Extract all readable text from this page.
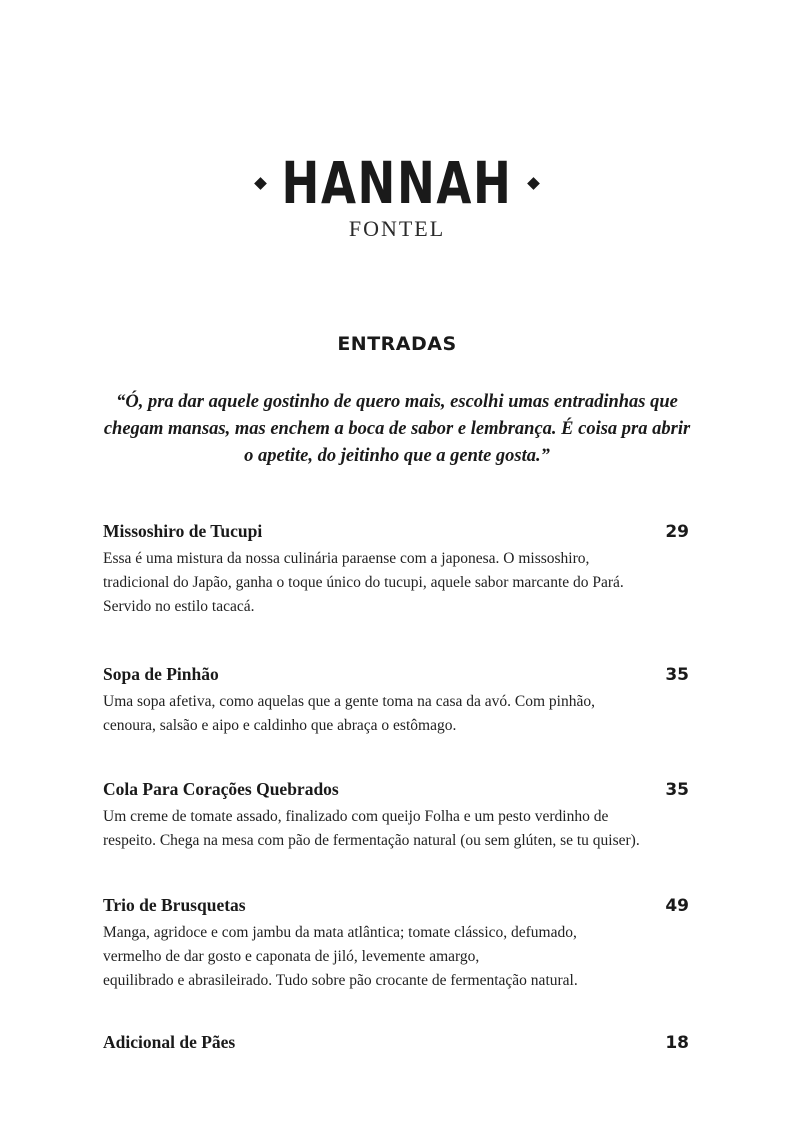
HANNAH
FONTEL
ENTRADAS
“Ó, pra dar aquele gostinho de quero mais, escolhi umas entradinhas que
chegam mansas, mas enchem a boca de sabor e lembrança. É coisa pra abrir
o apetite, do jeitinho que a gente gosta.”
Missoshiro de Tucupi	29
Essa é uma mistura da nossa culinária paraense com a japonesa. O missoshiro,
tradicional do Japão, ganha o toque único do tucupi, aquele sabor marcante do Pará.
Servido no estilo tacacá.
Sopa de Pinhão	35
Uma sopa afetiva, como aquelas que a gente toma na casa da avó. Com pinhão,
cenoura, salsão e aipo e caldinho que abraça o estômago.
Cola Para Corações Quebrados	35
Um creme de tomate assado, finalizado com queijo Folha e um pesto verdinho de
respeito. Chega na mesa com pão de fermentação natural (ou sem glúten, se tu quiser).
Trio de Brusquetas	49
Manga, agridoce e com jambu da mata atlântica; tomate clássico, defumado,
vermelho de dar gosto e caponata de jiló, levemente amargo,
equilibrado e abrasileirado. Tudo sobre pão crocante de fermentação natural.
Adicional de Pães	18
